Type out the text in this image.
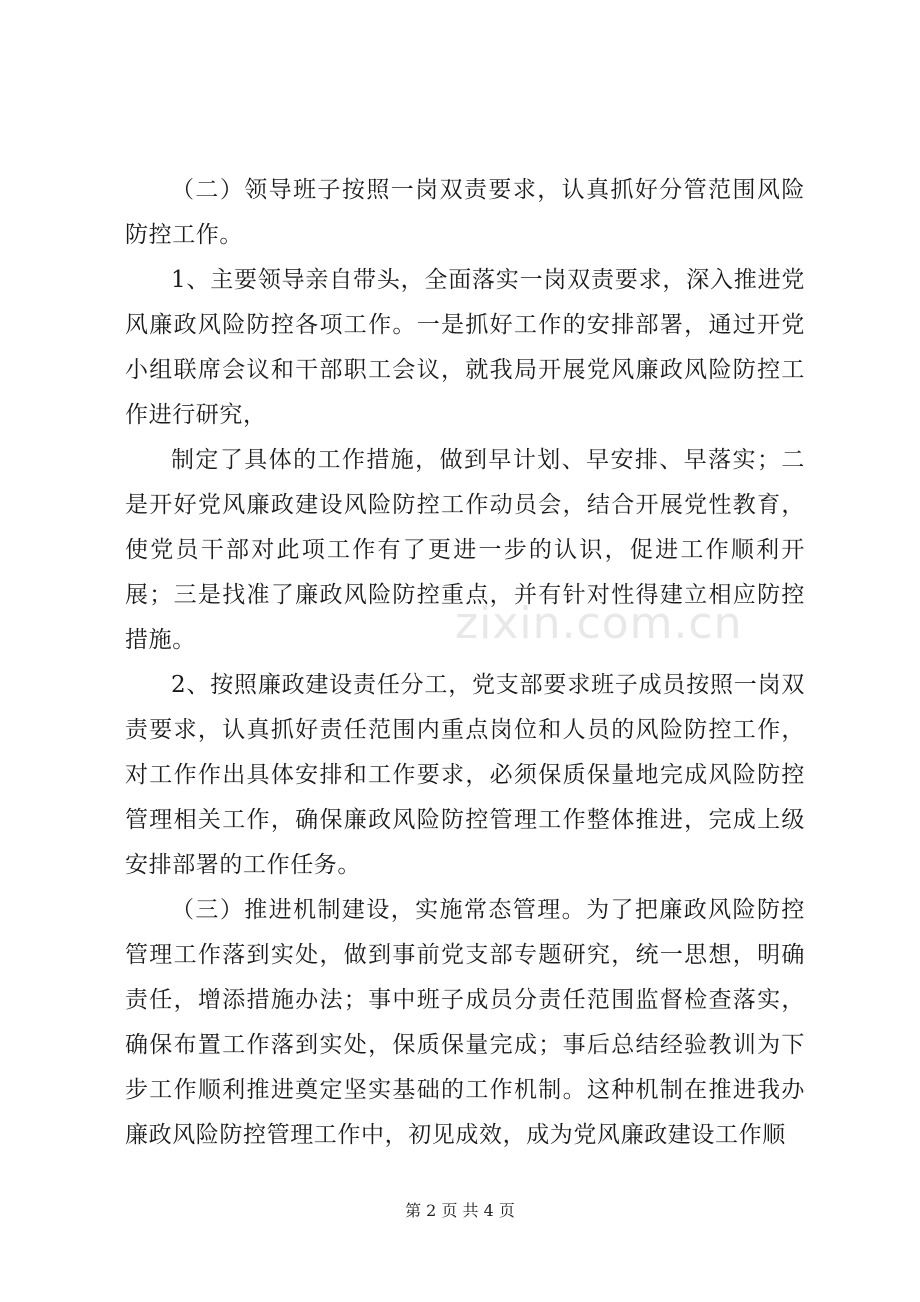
（二）领导班子按照一岗双责要求，认真抓好分管范围风险防控工作。

1、主要领导亲自带头，全面落实一岗双责要求，深入推进党风廉政风险防控各项工作。一是抓好工作的安排部署，通过开党小组联席会议和干部职工会议，就我局开展党风廉政风险防控工作进行研究，

制定了具体的工作措施，做到早计划、早安排、早落实；二是开好党风廉政建设风险防控工作动员会，结合开展党性教育，使党员干部对此项工作有了更进一步的认识，促进工作顺利开展；三是找准了廉政风险防控重点，并有针对性得建立相应防控措施。

2、按照廉政建设责任分工，党支部要求班子成员按照一岗双责要求，认真抓好责任范围内重点岗位和人员的风险防控工作，对工作作出具体安排和工作要求，必须保质保量地完成风险防控管理相关工作，确保廉政风险防控管理工作整体推进，完成上级安排部署的工作任务。

（三）推进机制建设，实施常态管理。为了把廉政风险防控管理工作落到实处，做到事前党支部专题研究，统一思想，明确责任，增添措施办法；事中班子成员分责任范围监督检查落实，确保布置工作落到实处，保质保量完成；事后总结经验教训为下步工作顺利推进奠定坚实基础的工作机制。这种机制在推进我办廉政风险防控管理工作中，初见成效，成为党风廉政建设工作顺

zixin.com.cn
第 2 页 共 4 页
